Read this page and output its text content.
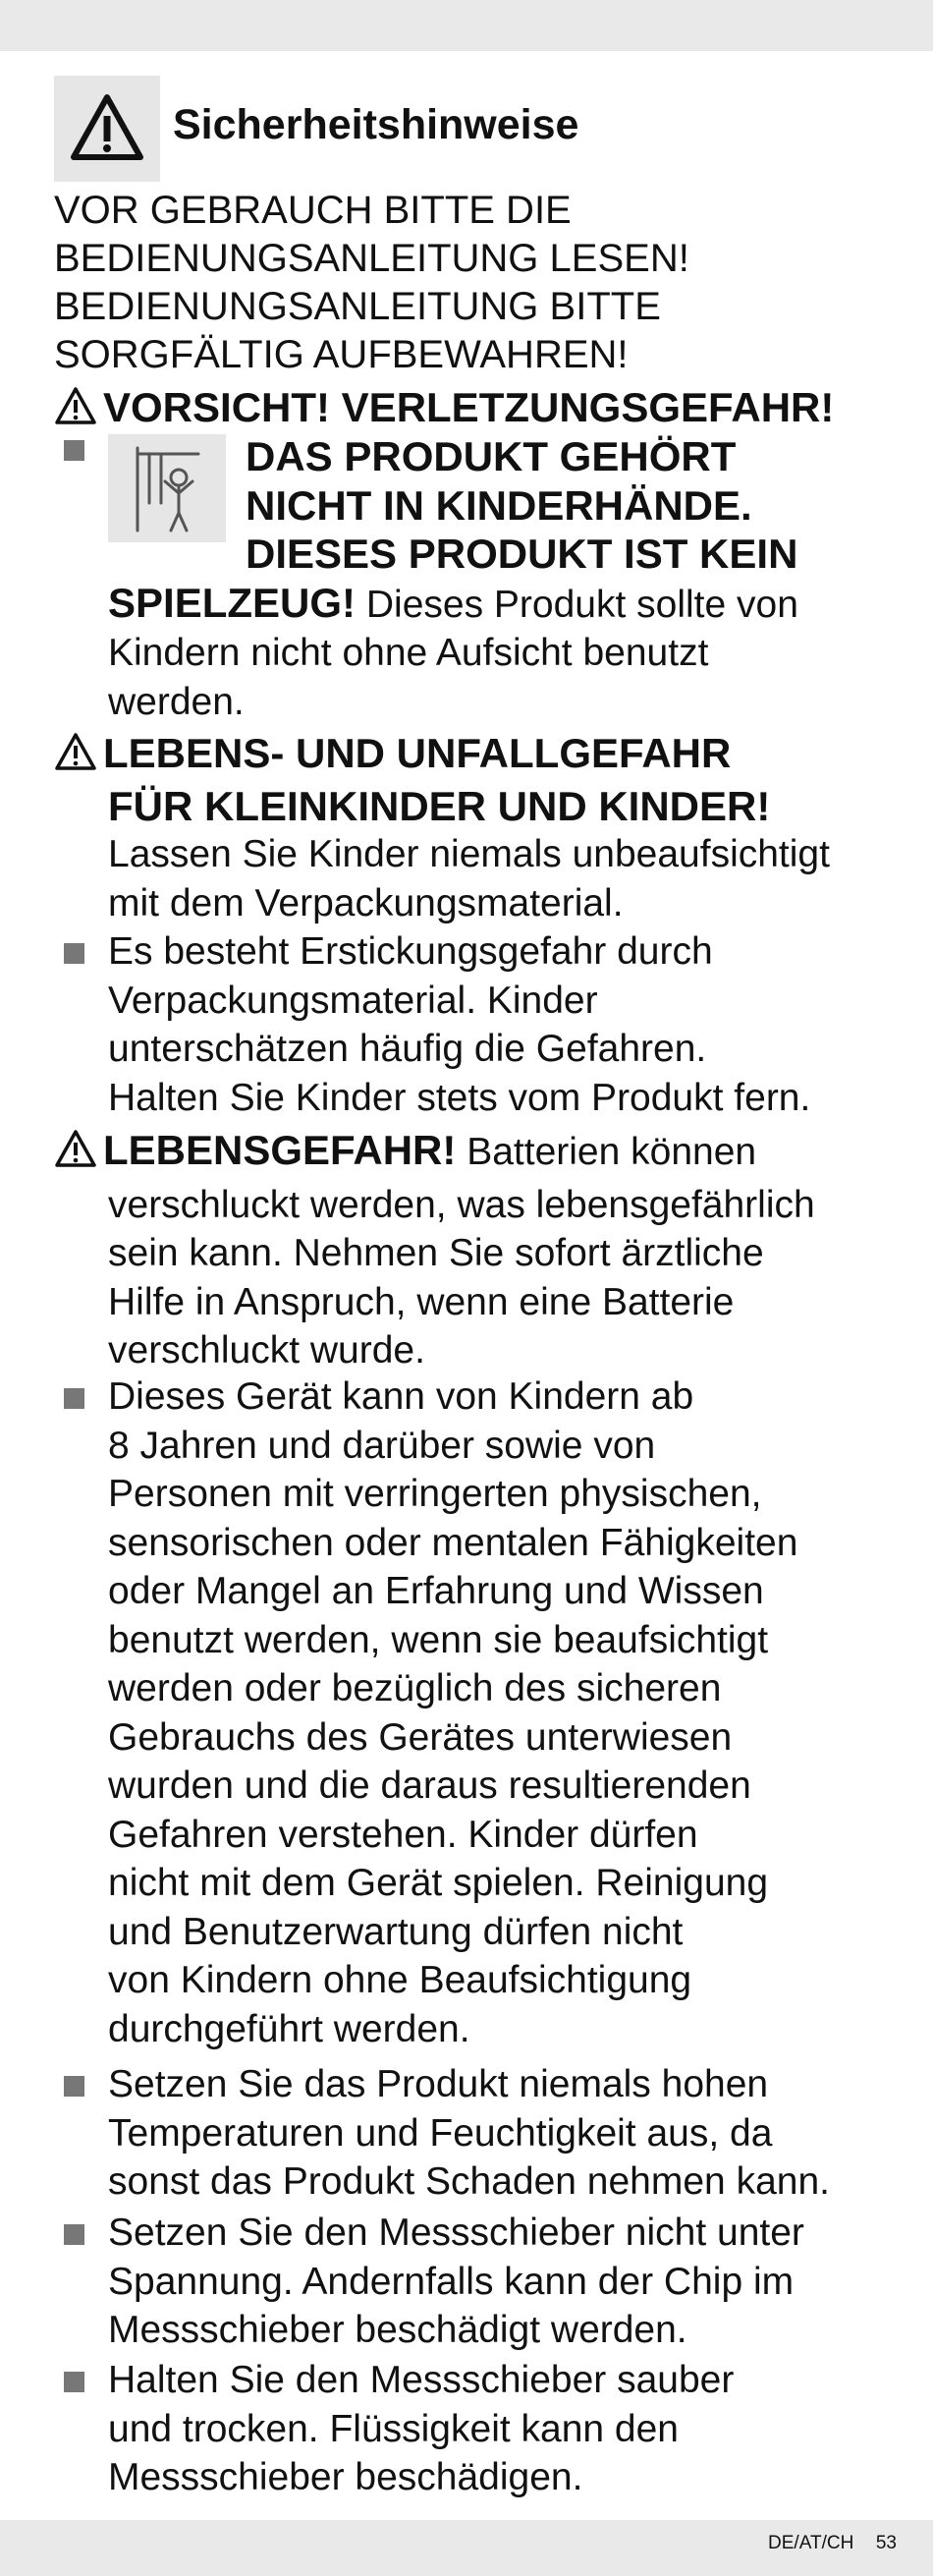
Sicherheitshinweise
VOR GEBRAUCH BITTE DIE
BEDIENUNGSANLEITUNG LESEN!
BEDIENUNGSANLEITUNG BITTE
SORGFÄLTIG AUFBEWAHREN!
VORSICHT! VERLETZUNGSGEFAHR!
DAS PRODUKT GEHÖRT
NICHT IN KINDERHÄNDE.
DIESES PRODUKT IST KEIN
SPIELZEUG! Dieses Produkt sollte von
Kindern nicht ohne Aufsicht benutzt
werden.
LEBENS- UND UNFALLGEFAHR
FÜR KLEINKINDER UND KINDER!
Lassen Sie Kinder niemals unbeaufsichtigt
mit dem Verpackungsmaterial.
Es besteht Erstickungsgefahr durch
Verpackungsmaterial. Kinder
unterschätzen häufig die Gefahren.
Halten Sie Kinder stets vom Produkt fern.
LEBENSGEFAHR! Batterien können
verschluckt werden, was lebensgefährlich
sein kann. Nehmen Sie sofort ärztliche
Hilfe in Anspruch, wenn eine Batterie
verschluckt wurde.
Dieses Gerät kann von Kindern ab
8 Jahren und darüber sowie von
Personen mit verringerten physischen,
sensorischen oder mentalen Fähigkeiten
oder Mangel an Erfahrung und Wissen
benutzt werden, wenn sie beaufsichtigt
werden oder bezüglich des sicheren
Gebrauchs des Gerätes unterwiesen
wurden und die daraus resultierenden
Gefahren verstehen. Kinder dürfen
nicht mit dem Gerät spielen. Reinigung
und Benutzerwartung dürfen nicht
von Kindern ohne Beaufsichtigung
durchgeführt werden.
Setzen Sie das Produkt niemals hohen
Temperaturen und Feuchtigkeit aus, da
sonst das Produkt Schaden nehmen kann.
Setzen Sie den Messschieber nicht unter
Spannung. Andernfalls kann der Chip im
Messschieber beschädigt werden.
Halten Sie den Messschieber sauber
und trocken. Flüssigkeit kann den
Messschieber beschädigen.
DE/AT/CH 53
